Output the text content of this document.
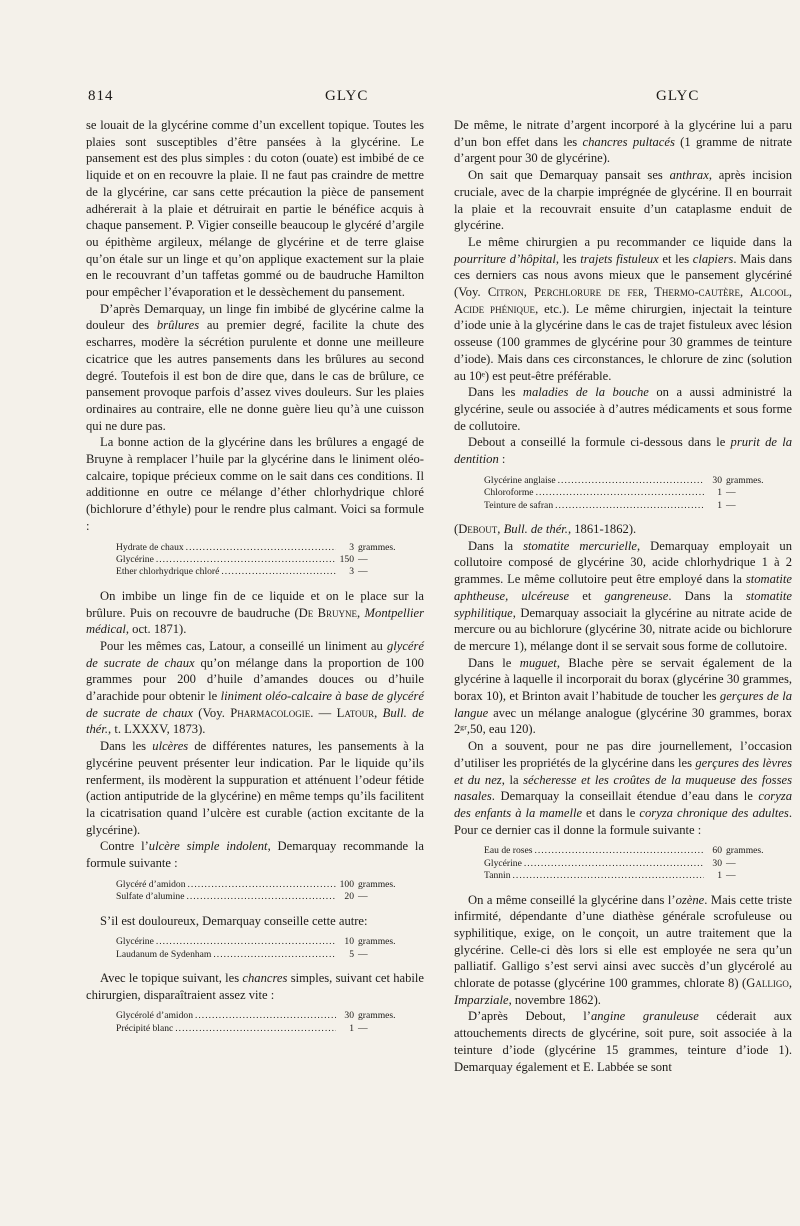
814	GLYC	GLYC

se louait de la glycérine comme d’un excellent topique. Toutes les plaies sont susceptibles d’être pansées à la glycérine. Le pansement est des plus simples : du coton (ouate) est imbibé de ce liquide et on en recouvre la plaie. Il ne faut pas craindre de mettre de la glycérine, car sans cette précaution la pièce de pansement adhérerait à la plaie et détruirait en partie le bénéfice acquis à chaque pansement. P. Vigier conseille beaucoup le glycéré d’argile ou épithème argileux, mélange de glycérine et de terre glaise qu’on étale sur un linge et qu’on applique exactement sur la plaie en le recouvrant d’un taffetas gommé ou de baudruche Hamilton pour empêcher l’évaporation et le dessèchement du pansement.

D’après Demarquay, un linge fin imbibé de glycérine calme la douleur des brûlures au premier degré, facilite la chute des escharres, modère la sécrétion purulente et donne une meilleure cicatrice que les autres pansements dans les brûlures au second degré. Toutefois il est bon de dire que, dans le cas de brûlure, ce pansement provoque parfois d’assez vives douleurs. Sur les plaies ordinaires au contraire, elle ne donne guère lieu qu’à une cuisson qui ne dure pas.

La bonne action de la glycérine dans les brûlures a engagé de Bruyne à remplacer l’huile par la glycérine dans le liniment oléo-calcaire, topique précieux comme on le sait dans ces conditions. Il additionne en outre ce mélange d’éther chlorhydrique chloré (bichlorure d’éthyle) pour le rendre plus calmant. Voici sa formule :

Hydrate de chaux .....	3 grammes.
Glycérine .....	150 —
Ether chlorhydrique chloré .....	3 —

On imbibe un linge fin de ce liquide et on le place sur la brûlure. Puis on recouvre de baudruche (De Bruyne, Montpellier médical, oct. 1871).

Pour les mêmes cas, Latour, a conseillé un liniment au glycéré de sucrate de chaux qu’on mélange dans la proportion de 100 grammes pour 200 d’huile d’amandes douces ou d’huile d’arachide pour obtenir le liniment oléo-calcaire à base de glycéré de sucrate de chaux (Voy. Pharmacologie. — Latour, Bull. de thér., t. LXXXV, 1873).

Dans les ulcères de différentes natures, les pansements à la glycérine peuvent présenter leur indication. Par le liquide qu’ils renferment, ils modèrent la suppuration et atténuent l’odeur fétide (action antiputride de la glycérine) en même temps qu’ils facilitent la cicatrisation quand l’ulcère est curable (action excitante de la glycérine).

Contre l’ulcère simple indolent, Demarquay recommande la formule suivante :

Glycéré d’amidon .....	100 grammes.
Sulfate d’alumine .....	20 —

S’il est douloureux, Demarquay conseille cette autre:

Glycérine .....	10 grammes.
Laudanum de Sydenham .....	5 —

Avec le topique suivant, les chancres simples, suivant cet habile chirurgien, disparaîtraient assez vite :

Glycérolé d’amidon .....	30 grammes.
Précipité blanc .....	1 —

De même, le nitrate d’argent incorporé à la glycérine lui a paru d’un bon effet dans les chancres pultacés (1 gramme de nitrate d’argent pour 30 de glycérine).

On sait que Demarquay pansait ses anthrax, après incision cruciale, avec de la charpie imprégnée de glycérine. Il en bourrait la plaie et la recouvrait ensuite d’un cataplasme enduit de glycérine.

Le même chirurgien a pu recommander ce liquide dans la pourriture d’hôpital, les trajets fistuleux et les clapiers. Mais dans ces derniers cas nous avons mieux que le pansement glycériné (Voy. Citron, Perchlorure de fer, Thermo-cautère, Alcool, Acide phénique, etc.). Le même chirurgien, injectait la teinture d’iode unie à la glycérine dans le cas de trajet fistuleux avec lésion osseuse (100 grammes de glycérine pour 30 grammes de teinture d’iode). Mais dans ces circonstances, le chlorure de zinc (solution au 10ᵉ) est peut-être préférable.

Dans les maladies de la bouche on a aussi administré la glycérine, seule ou associée à d’autres médicaments et sous forme de collutoire.

Debout a conseillé la formule ci-dessous dans le prurit de la dentition :

Glycérine anglaise .....	30 grammes.
Chloroforme .....	1 —
Teinture de safran .....	1 —

(Debout, Bull. de thér., 1861-1862).

Dans la stomatite mercurielle, Demarquay employait un collutoire composé de glycérine 30, acide chlorhydrique 1 à 2 grammes. Le même collutoire peut être employé dans la stomatite aphtheuse, ulcéreuse et gangreneuse. Dans la stomatite syphilitique, Demarquay associait la glycérine au nitrate acide de mercure ou au bichlorure (glycérine 30, nitrate acide ou bichlorure de mercure 1), mélange dont il se servait sous forme de collutoire.

Dans le muguet, Blache père se servait également de la glycérine à laquelle il incorporait du borax (glycérine 30 grammes, borax 10), et Brinton avait l’habitude de toucher les gerçures de la langue avec un mélange analogue (glycérine 30 grammes, borax 2ᵍʳ,50, eau 120).

On a souvent, pour ne pas dire journellement, l’occasion d’utiliser les propriétés de la glycérine dans les gerçures des lèvres et du nez, la sécheresse et les croûtes de la muqueuse des fosses nasales. Demarquay la conseillait étendue d’eau dans le coryza des enfants à la mamelle et dans le coryza chronique des adultes. Pour ce dernier cas il donne la formule suivante :

Eau de roses .....	60 grammes.
Glycérine .....	30 —
Tannin .....	1 —

On a même conseillé la glycérine dans l’ozène. Mais cette triste infirmité, dépendante d’une diathèse générale scrofuleuse ou syphilitique, exige, on le conçoit, un autre traitement que la glycérine. Celle-ci dès lors si elle est employée ne sera qu’un palliatif. Galligo s’est servi ainsi avec succès d’un glycérolé au chlorate de potasse (glycérine 100 grammes, chlorate 8) (Galligo, Imparziale, novembre 1862).

D’après Debout, l’angine granuleuse céderait aux attouchements directs de glycérine, soit pure, soit associée à la teinture d’iode (glycérine 15 grammes, teinture d’iode 1). Demarquay également et E. Labbée se sont
